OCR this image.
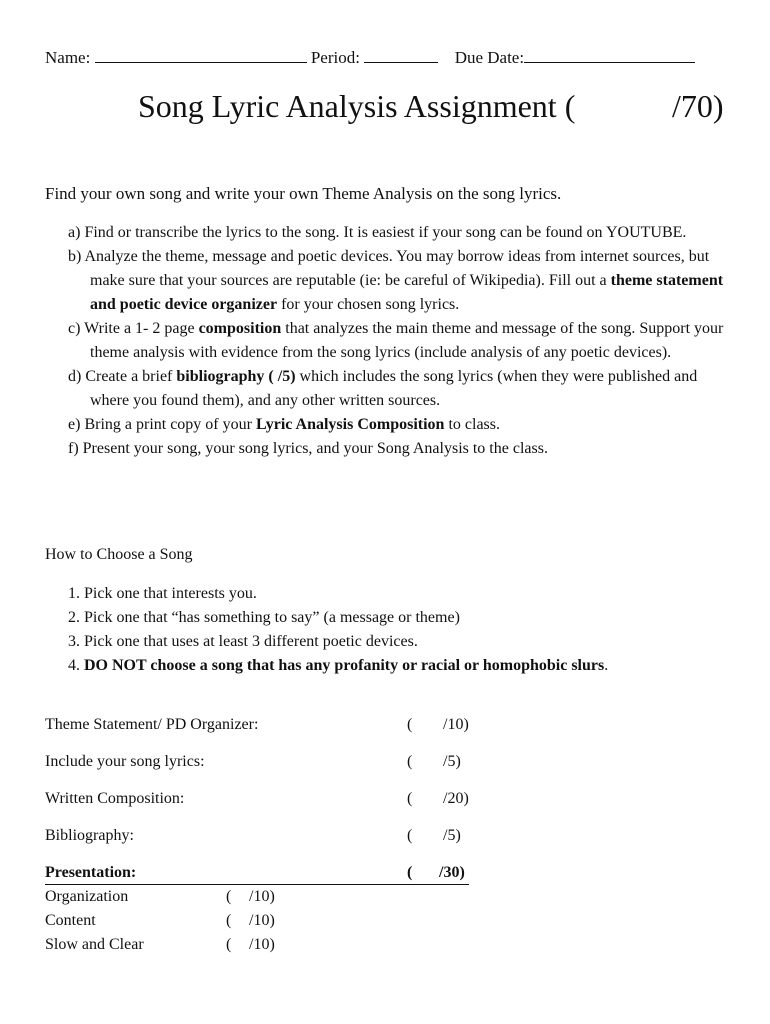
Name:	Period:	Due Date:
Song Lyric Analysis Assignment (	/70)
Find your own song and write your own Theme Analysis on the song lyrics.

a) Find or transcribe the lyrics to the song. It is easiest if your song can be found on YOUTUBE.

b) Analyze the theme, message and poetic devices. You may borrow ideas from internet sources, but make sure that your sources are reputable (ie: be careful of Wikipedia). Fill out a theme statement and poetic device organizer for your chosen song lyrics.

c) Write a 1- 2 page composition that analyzes the main theme and message of the song. Support your theme analysis with evidence from the song lyrics (include analysis of any poetic devices).

d) Create a brief bibliography ( /5) which includes the song lyrics (when they were published and where you found them), and any other written sources.

e) Bring a print copy of your Lyric Analysis Composition to class.

f) Present your song, your song lyrics, and your Song Analysis to the class.

How to Choose a Song
1. Pick one that interests you.
2. Pick one that “has something to say” (a message or theme)
3. Pick one that uses at least 3 different poetic devices.
4. DO NOT choose a song that has any profanity or racial or homophobic slurs.
Theme Statement/ PD Organizer:	( /10)
Include your song lyrics:	( /5)
Written Composition:	( /20)
Bibliography:	( /5)
Presentation:	( /30)
Organization	( /10)
Content	( /10)
Slow and Clear	( /10)
